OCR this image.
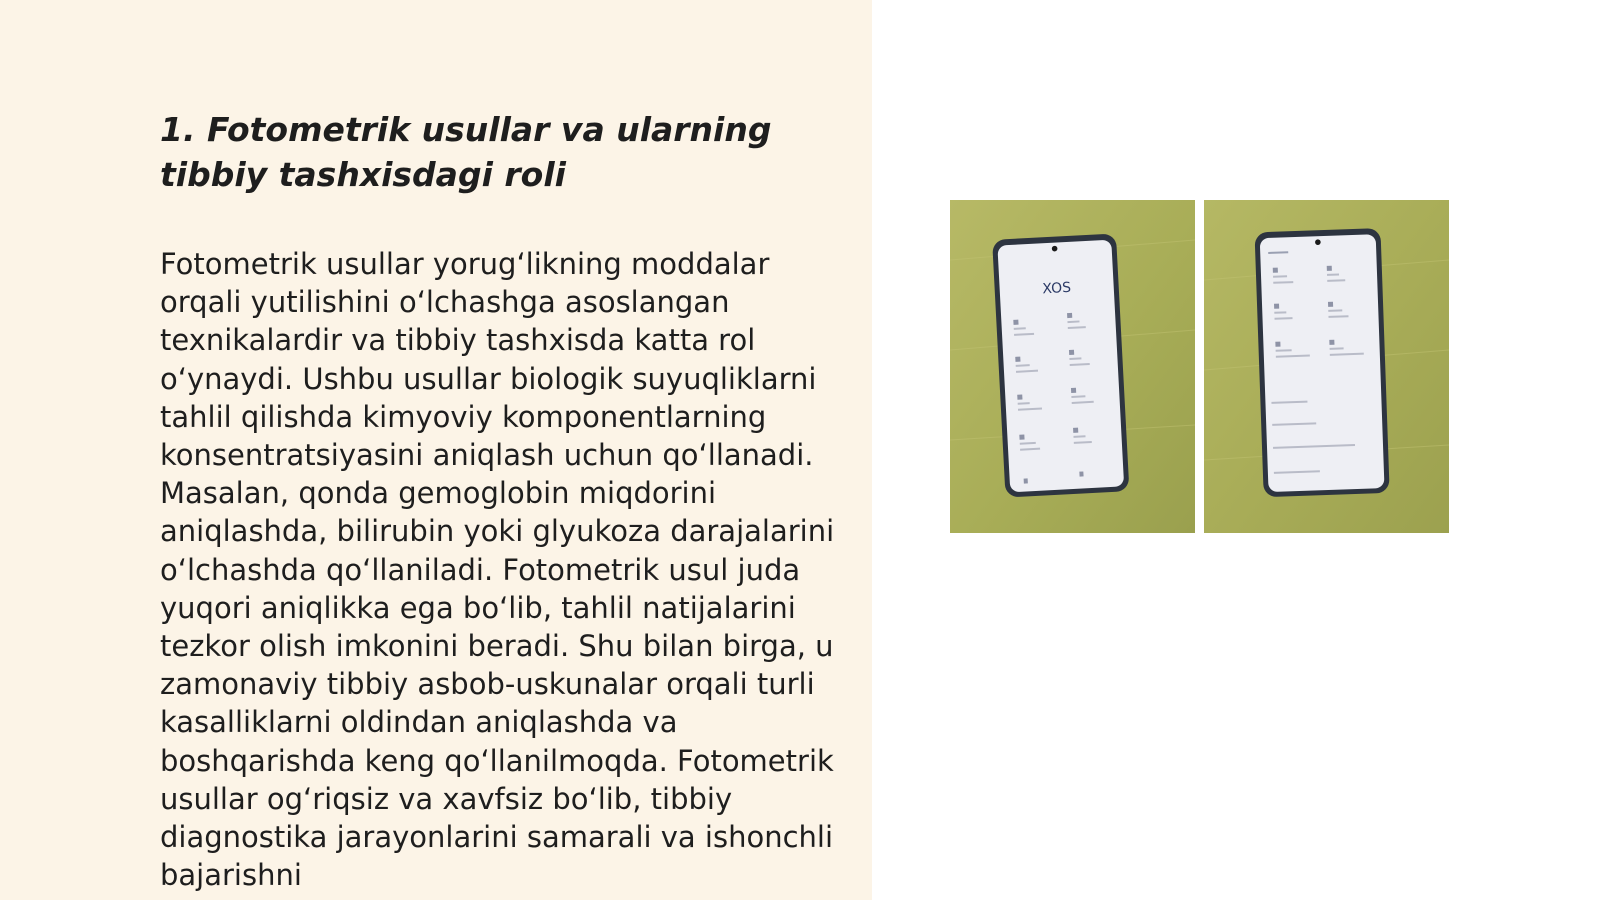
1. Fotometrik usullar va ularning tibbiy tashxisdagi roli

Fotometrik usullar yorug‘likning moddalar orqali yutilishini o‘lchashga asoslangan texnikalardir va tibbiy tashxisda katta rol o‘ynaydi. Ushbu usullar biologik suyuqliklarni tahlil qilishda kimyoviy komponentlarning konsentratsiyasini aniqlash uchun qo‘llanadi. Masalan, qonda gemoglobin miqdorini aniqlashda, bilirubin yoki glyukoza darajalarini o‘lchashda qo‘llaniladi. Fotometrik usul juda yuqori aniqlikka ega bo‘lib, tahlil natijalarini tezkor olish imkonini beradi. Shu bilan birga, u zamonaviy tibbiy asbob-uskunalar orqali turli kasalliklarni oldindan aniqlashda va boshqarishda keng qo‘llanilmoqda. Fotometrik usullar og‘riqsiz va xavfsiz bo‘lib, tibbiy diagnostika jarayonlarini samarali va ishonchli bajarishni

XOS
